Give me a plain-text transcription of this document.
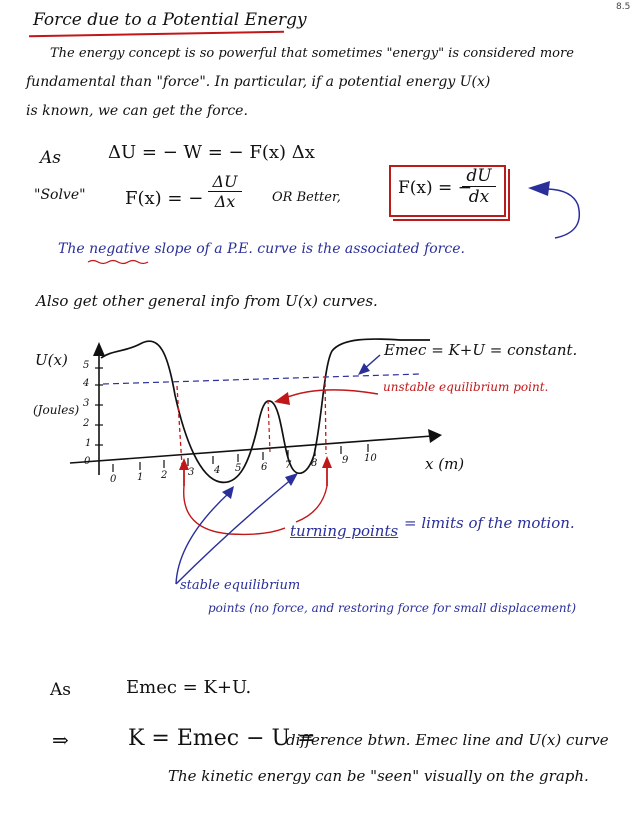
8.5
Force due to a Potential Energy
The energy concept is so powerful that sometimes "energy" is considered more
fundamental than "force". In particular, if a potential energy U(x)
is known, we can get the force.
As	ΔU = − W = − F(x) Δx
"Solve" F(x) = − $\frac{\Delta U}{\Delta x}$ OR Better,	F(x) = −
$\frac{dU}{dx}$
The negative slope of a P.E. curve is the associated force.
Also get other general info from U(x) curves.
U(x)
(Joules)
x (m)
5
4
3
2
1
0
0 1 2 3 4 5 6 7 8 9 10
Emec = K+U = constant.
unstable equilibrium point.
turning points = limits of the motion.
stable equilibrium
points (no force, and restoring force for small displacement)
As	Emec = K+U.
⇒	K = Emec − U =
difference btwn. Emec line and U(x) curve
The kinetic energy can be "seen" visually on the graph.
